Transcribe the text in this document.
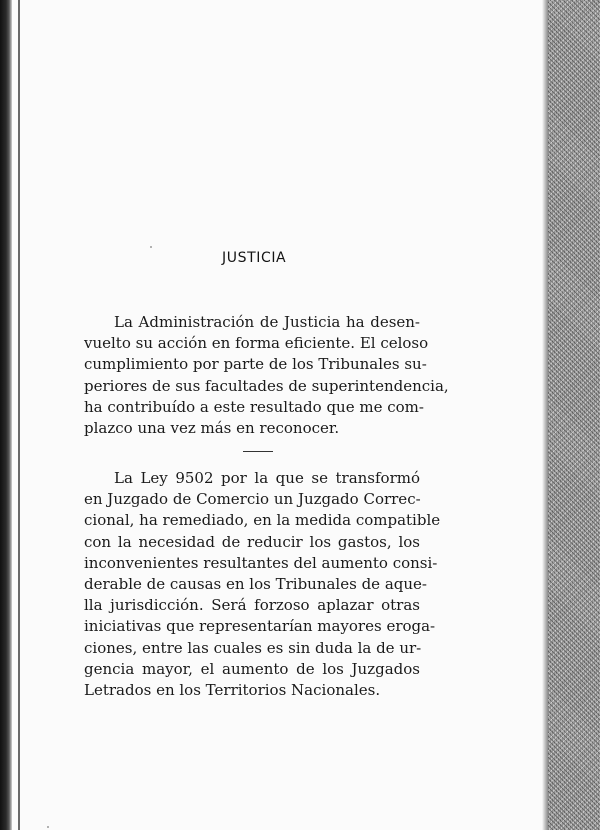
JUSTICIA

La Administración de Justicia ha desen-
vuelto su acción en forma eficiente. El celoso
cumplimiento por parte de los Tribunales su-
periores de sus facultades de superintendencia,
ha contribuído a este resultado que me com-
plazco una vez más en reconocer.

La Ley 9502 por la que se transformó
en Juzgado de Comercio un Juzgado Correc-
cional, ha remediado, en la medida compatible
con la necesidad de reducir los gastos, los
inconvenientes resultantes del aumento consi-
derable de causas en los Tribunales de aque-
lla jurisdicción. Será forzoso aplazar otras
iniciativas que representarían mayores eroga-
ciones, entre las cuales es sin duda la de ur-
gencia mayor, el aumento de los Juzgados
Letrados en los Territorios Nacionales.
